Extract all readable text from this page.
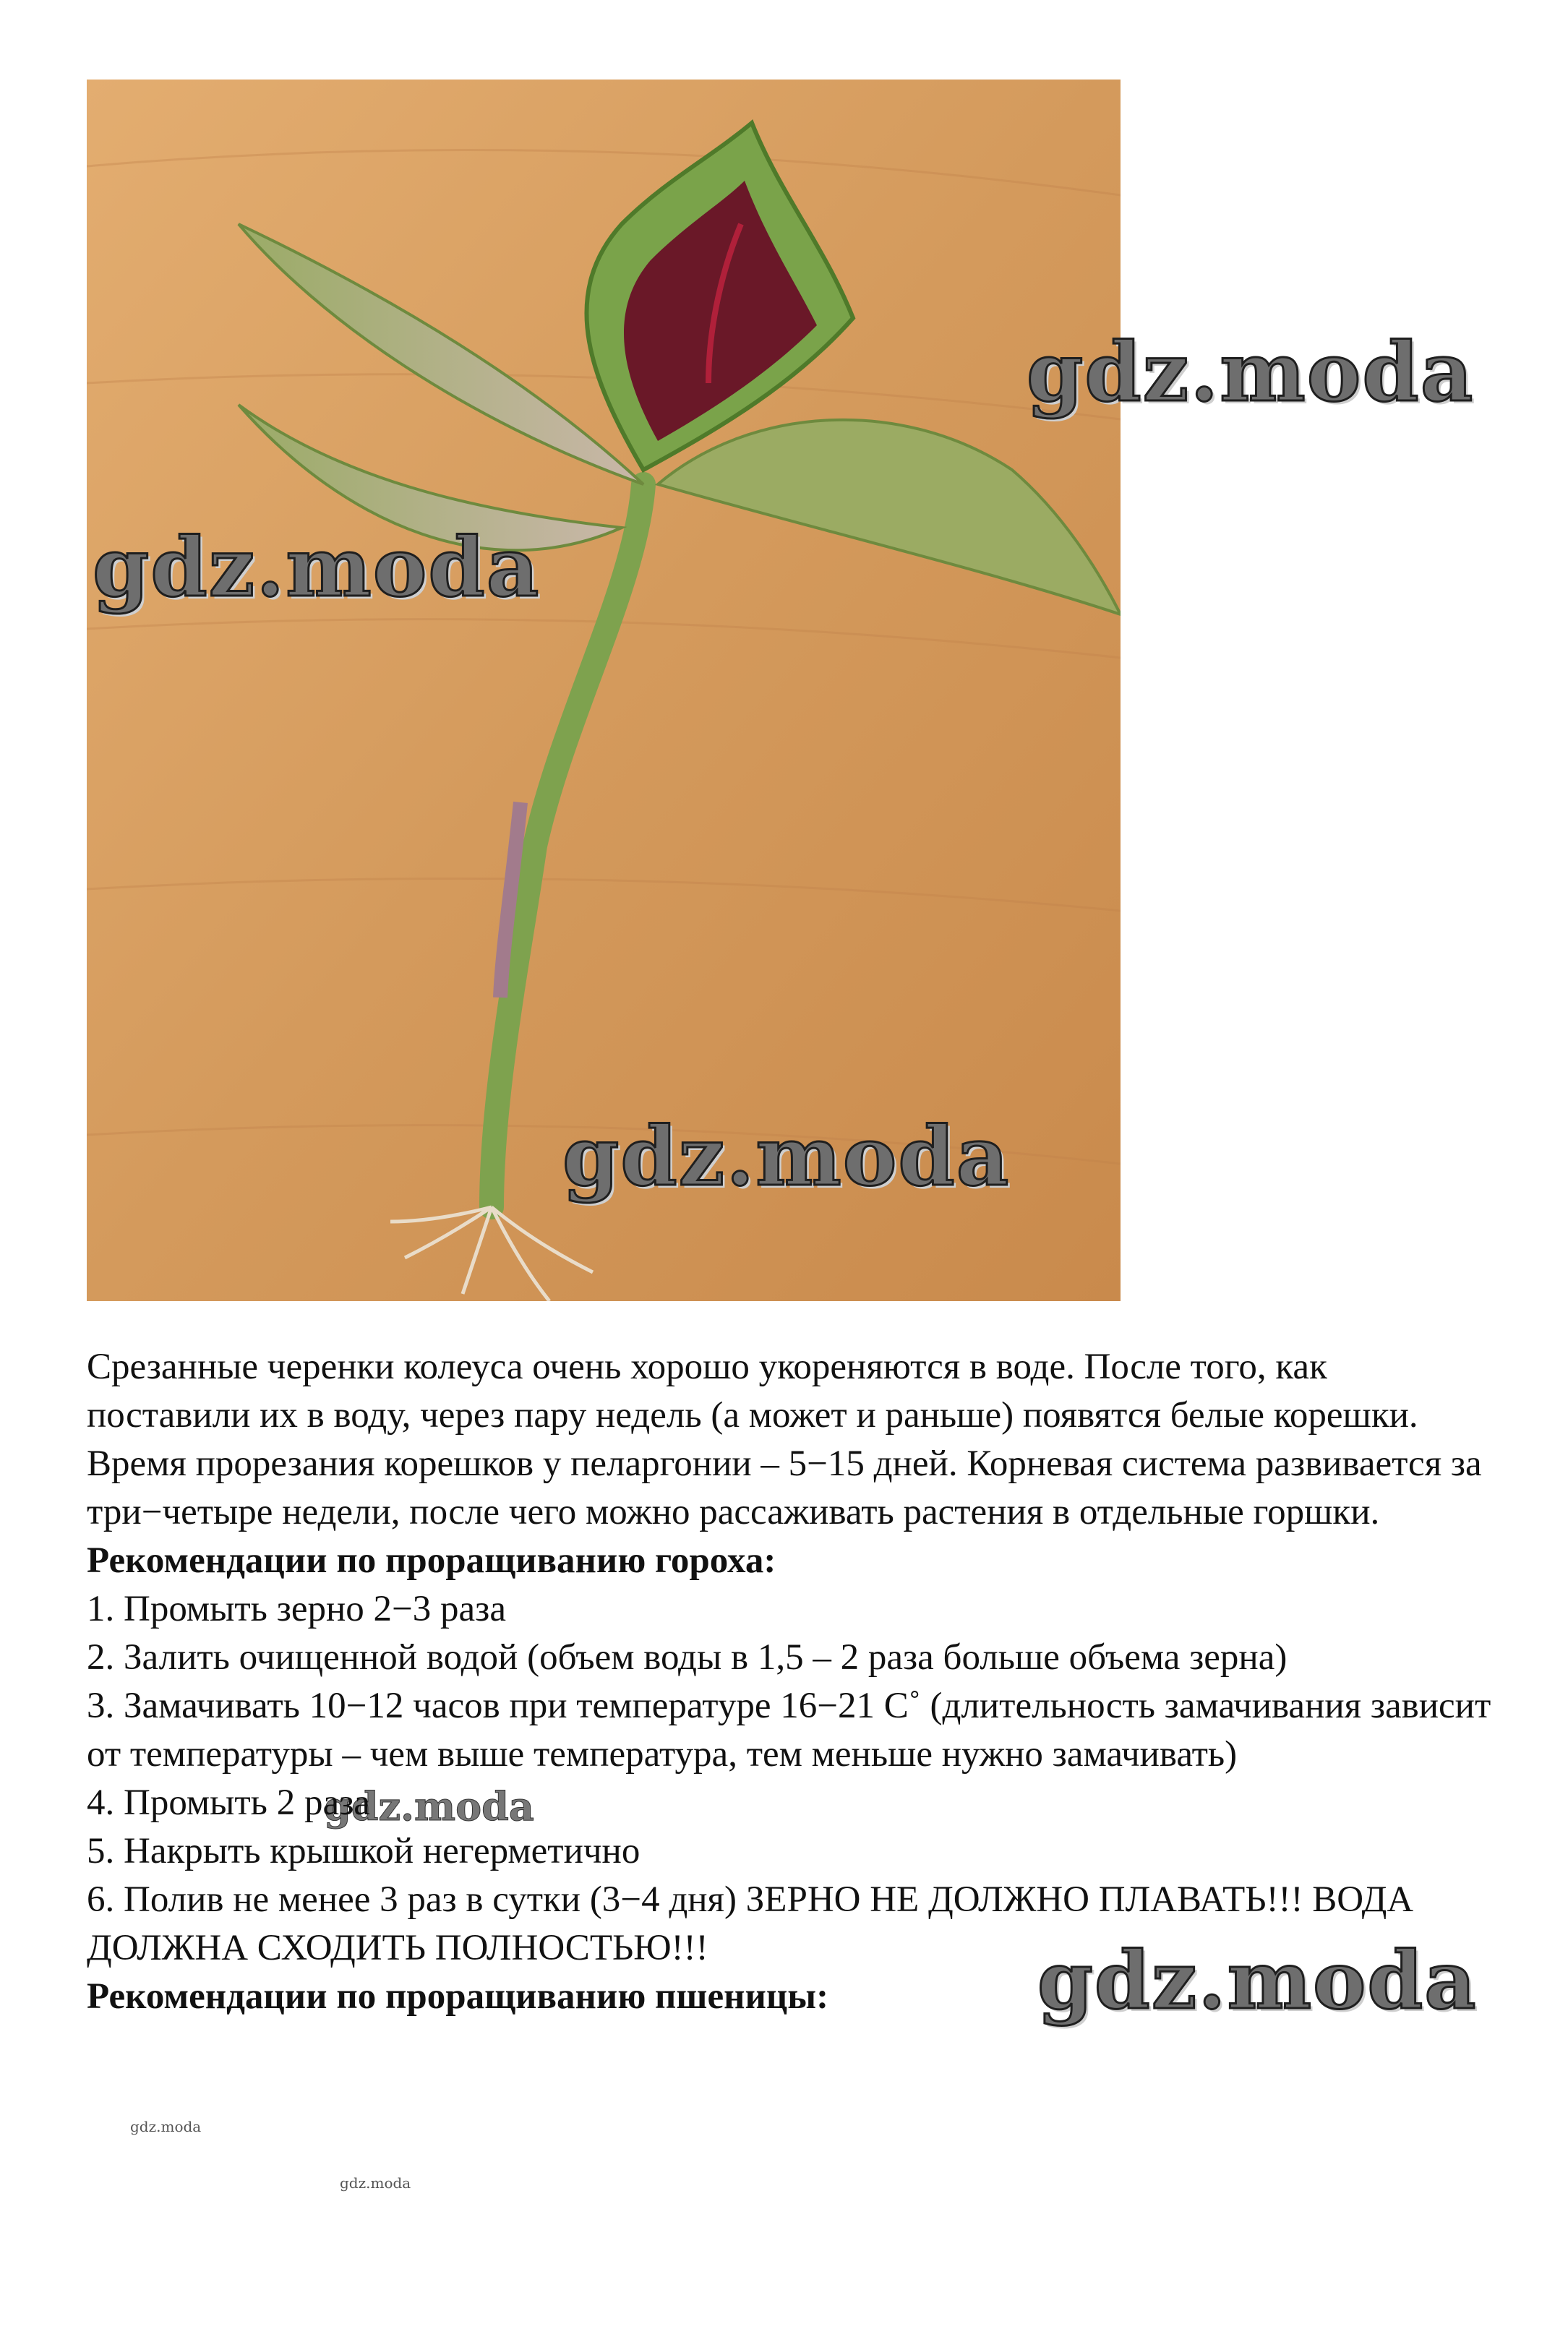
gdz.moda
gdz.moda
gdz.moda
gdz.moda
gdz.moda
gdz.moda
gdz.moda

Срезанные черенки колеуса очень хорошо укореняются в воде. После того, как поставили их в воду, через пару недель (а может и раньше) появятся белые корешки.

Время прорезания корешков у пеларгонии – 5−15 дней. Корневая система развивается за три−четыре недели, после чего можно рассаживать растения в отдельные горшки.

Рекомендации по проращиванию гороха:

1. Промыть зерно 2−3 раза

2. Залить очищенной водой (объем воды в 1,5 – 2 раза больше объема зерна)

3. Замачивать 10−12 часов при температуре 16−21 С˚ (длительность замачивания зависит от температуры – чем выше температура, тем меньше нужно замачивать)

4. Промыть 2 раза

5. Накрыть крышкой негерметично

6. Полив не менее 3 раз в сутки (3−4 дня) ЗЕРНО НЕ ДОЛЖНО ПЛАВАТЬ!!! ВОДА ДОЛЖНА СХОДИТЬ ПОЛНОСТЬЮ!!!

Рекомендации по проращиванию пшеницы:
